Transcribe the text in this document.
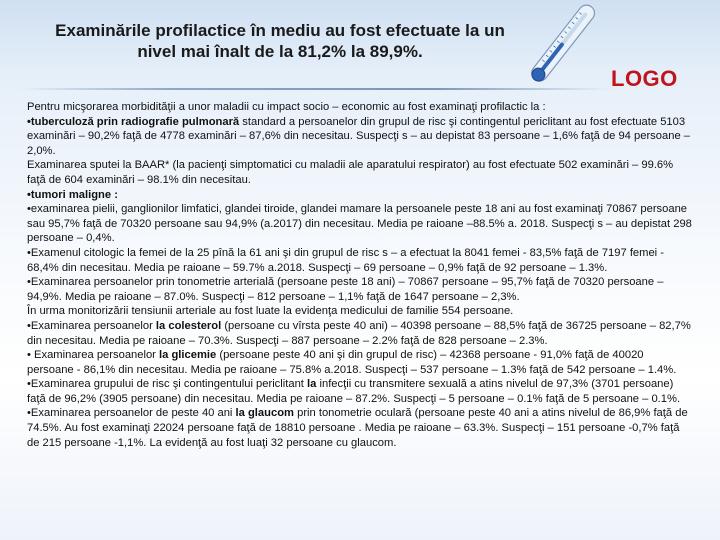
Examinările profilactice în mediu au fost efectuate la un
nivel mai înalt de la 81,2% la 89,9%.
LOGO

Pentru micşorarea morbidităţii a unor maladii cu impact socio – economic au fost examinaţi profilactic la :

•tuberculoză prin radiografie pulmonară standard a persoanelor din grupul de risc şi contingentul periclitant au fost efectuate 5103 examinări – 90,2% faţă de 4778 examinări – 87,6% din necesitau. Suspecţi s – au depistat 83 persoane – 1,6% faţă de 94 persoane – 2,0%.

Examinarea sputei la BAAR* (la pacienţi simptomatici cu maladii ale aparatului respirator) au fost efectuate 502 examinări – 99.6% faţă de 604 examinări – 98.1% din necesitau.

•tumori maligne :

•examinarea pielii, ganglionilor limfatici, glandei tiroide, glandei mamare la persoanele peste 18 ani au fost examinaţi 70867 persoane sau 95,7% faţă de 70320 persoane sau 94,9% (a.2017) din necesitau. Media pe raioane –88.5% a. 2018. Suspecţi s – au depistat 298 persoane – 0,4%.

•Examenul citologic la femei de la 25 pînă la 61 ani şi din grupul de risc s – a efectuat la 8041 femei - 83,5% faţă de 7197 femei - 68,4% din necesitau. Media pe raioane – 59.7% a.2018. Suspecţi – 69 persoane – 0,9% faţă de 92 persoane – 1.3%.

•Examinarea persoanelor prin tonometrie arterială (persoane peste 18 ani) – 70867 persoane – 95,7% faţă de 70320 persoane – 94,9%. Media pe raioane – 87.0%. Suspecţi – 812 persoane – 1,1% faţă de 1647 persoane – 2,3%.

În urma monitorizării tensiunii arteriale au fost luate la evidenţa medicului de familie 554 persoane.

•Examinarea persoanelor la colesterol (persoane cu vîrsta peste 40 ani) – 40398 persoane – 88,5% faţă de 36725 persoane – 82,7% din necesitau. Media pe raioane – 70.3%. Suspecţi – 887 persoane – 2.2% faţă de 828 persoane – 2.3%.

• Examinarea persoanelor la glicemie (persoane peste 40 ani şi din grupul de risc) – 42368 persoane - 91,0% faţă de 40020 persoane - 86,1% din necesitau. Media pe raioane – 75.8% a.2018. Suspecţi – 537 persoane – 1.3% faţă de 542 persoane – 1.4%.

•Examinarea grupului de risc şi contingentului periclitant la infecţii cu transmitere sexuală a atins nivelul de 97,3% (3701 persoane) faţă de 96,2% (3905 persoane) din necesitau. Media pe raioane – 87.2%. Suspecţi – 5 persoane – 0.1% faţă de 5 persoane – 0.1%.

•Examinarea persoanelor de peste 40 ani la glaucom prin tonometrie oculară (persoane peste 40 ani a atins nivelul de 86,9% faţă de 74.5%. Au fost examinaţi 22024 persoane faţă de 18810 persoane . Media pe raioane – 63.3%. Suspecţi – 151 persoane -0,7% faţă de 215 persoane -1,1%. La evidenţă au fost luaţi 32 persoane cu glaucom.
